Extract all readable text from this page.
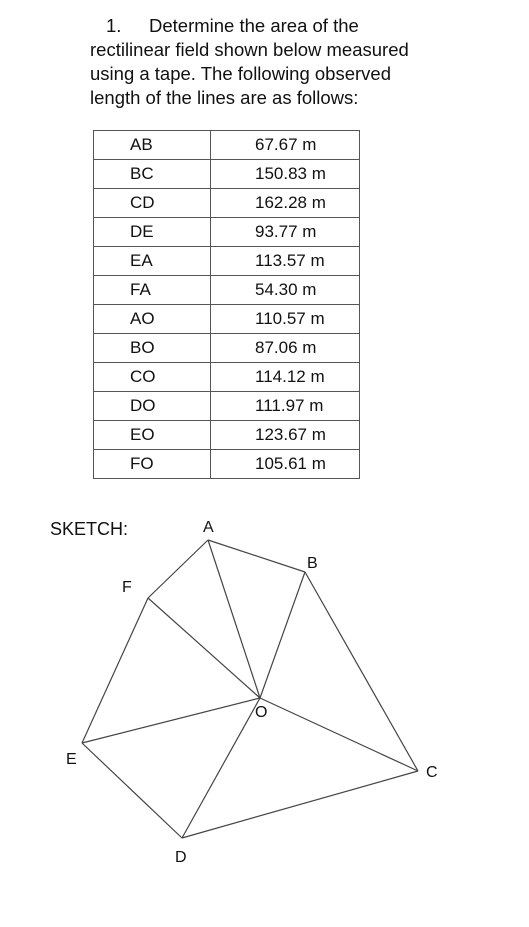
1.	Determine the area of the
rectilinear field shown below measured
using a tape. The following observed
length of the lines are as follows:
AB	67.67 m
BC	150.83 m
CD	162.28 m
DE	93.77 m
EA	113.57 m
FA	54.30 m
AO	110.57 m
BO	87.06 m
CO	114.12 m
DO	111.97 m
EO	123.67 m
FO	105.61 m
SKETCH:	A
B
C
D
E
F
O
